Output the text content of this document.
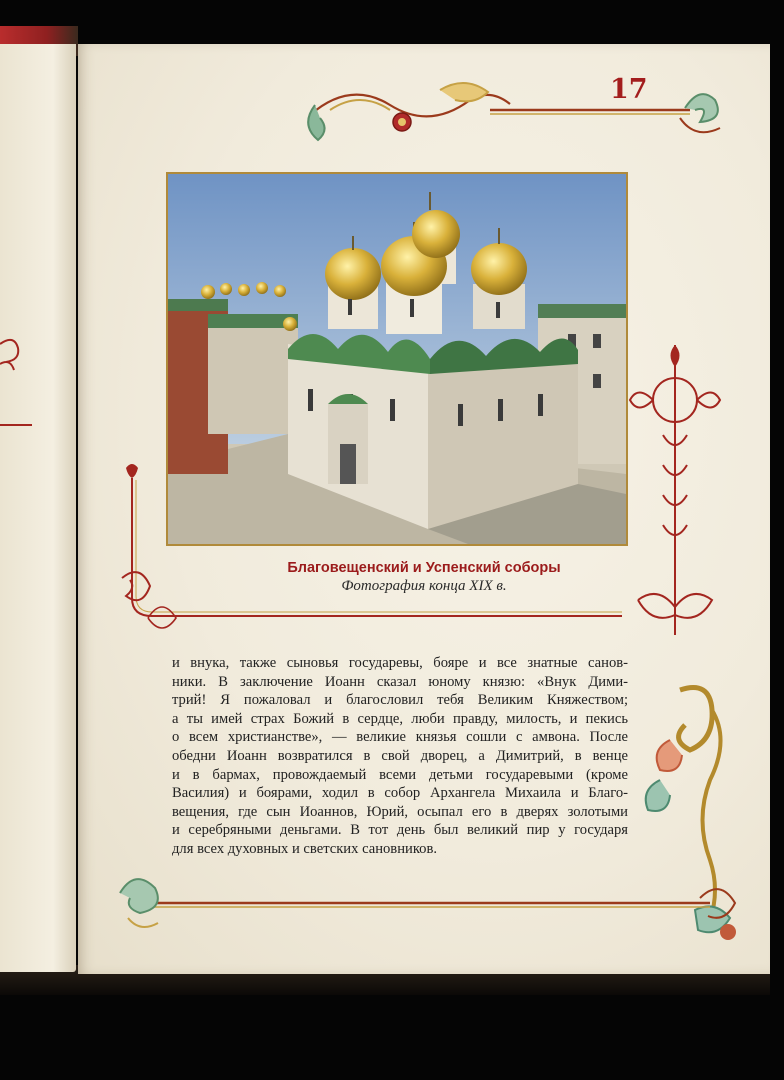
17
Благовещенский и Успенский соборы
Фотография конца XIX в.
и внука, также сыновья государевы, бояре и все знатные санов-
ники. В заключение Иоанн сказал юному князю: «Внук Дими-
трий! Я пожаловал и благословил тебя Великим Княжеством;
а ты имей страх Божий в сердце, люби правду, милость, и пекись
о всем христианстве», — великие князья сошли с амвона. После
обедни Иоанн возвратился в свой дворец, а Димитрий, в венце
и в бармах, провождаемый всеми детьми государевыми (кроме
Василия) и боярами, ходил в собор Архангела Михаила и Благо-
вещения, где сын Иоаннов, Юрий, осыпал его в дверях золотыми
и серебряными деньгами. В тот день был великий пир у государя
для всех духовных и светских сановников.
